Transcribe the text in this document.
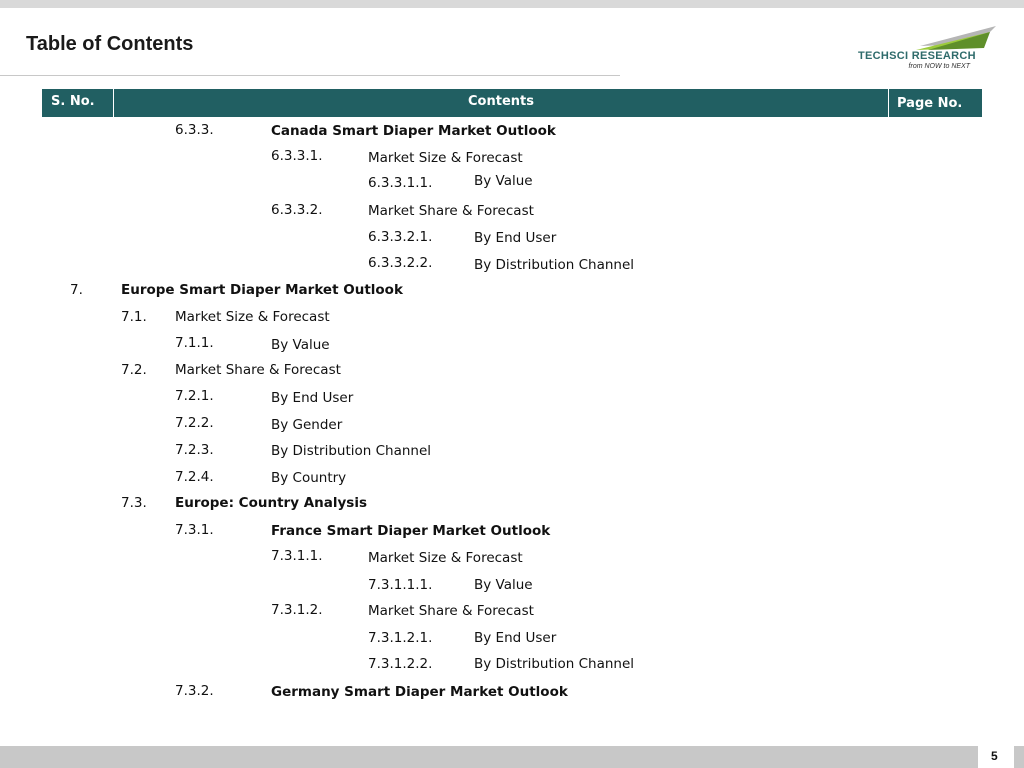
Table of Contents
TECHSCI RESEARCH
from NOW to NEXT
S. No.	Contents	Page No.
6.3.3.	Canada Smart Diaper Market Outlook
6.3.3.1.	Market Size & Forecast
6.3.3.1.1.	By Value
6.3.3.2.	Market Share & Forecast
6.3.3.2.1.	By End User
6.3.3.2.2.	By Distribution Channel
7.	Europe Smart Diaper Market Outlook
7.1. Market Size & Forecast
7.1.1.	By Value
7.2. Market Share & Forecast
7.2.1.	By End User
7.2.2.	By Gender
7.2.3.	By Distribution Channel
7.2.4.	By Country
7.3. Europe: Country Analysis
7.3.1.	France Smart Diaper Market Outlook
7.3.1.1.	Market Size & Forecast
7.3.1.1.1.	By Value
7.3.1.2.	Market Share & Forecast
7.3.1.2.1.	By End User
7.3.1.2.2.	By Distribution Channel
7.3.2.	Germany Smart Diaper Market Outlook
5
